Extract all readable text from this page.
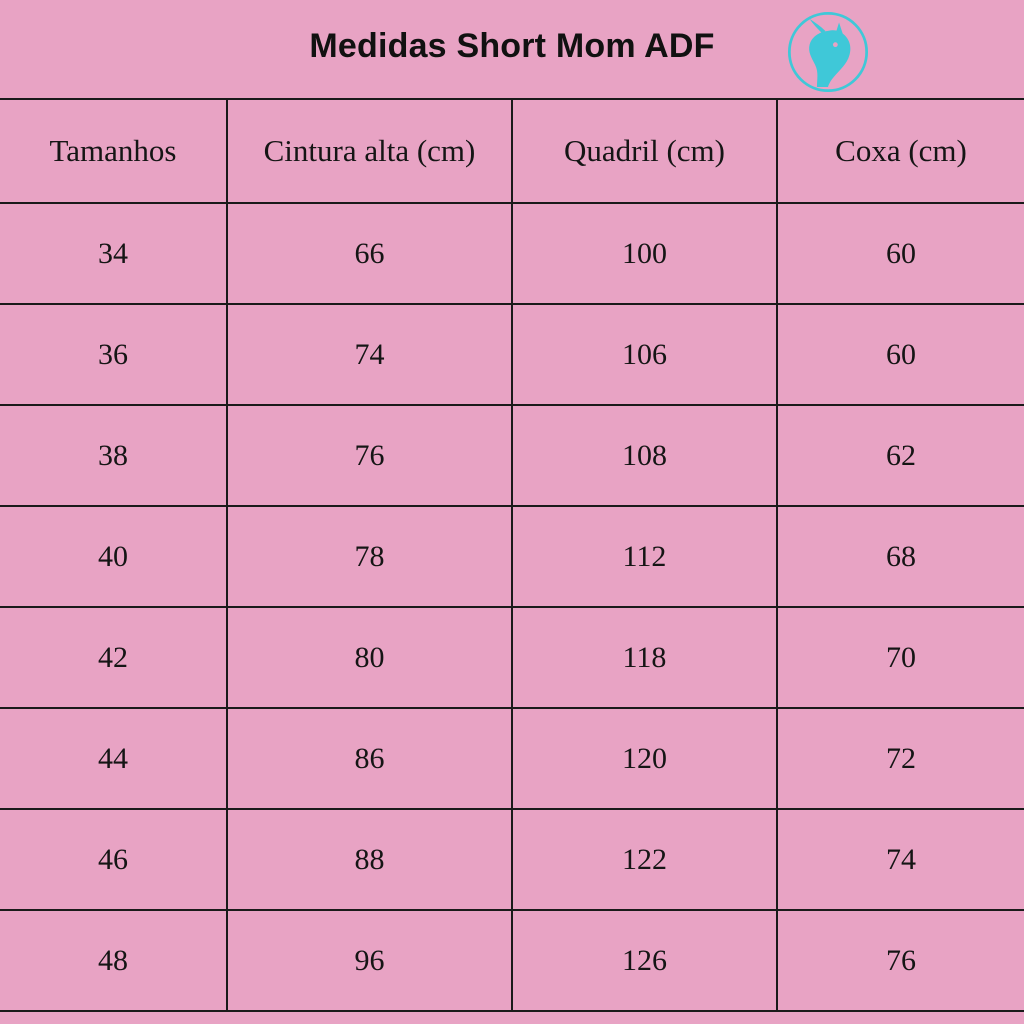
Medidas Short Mom ADF
Tamanhos	Cintura alta (cm)	Quadril (cm)	Coxa (cm)
34	66	100	60
36	74	106	60
38	76	108	62
40	78	112	68
42	80	118	70
44	86	120	72
46	88	122	74
48	96	126	76
